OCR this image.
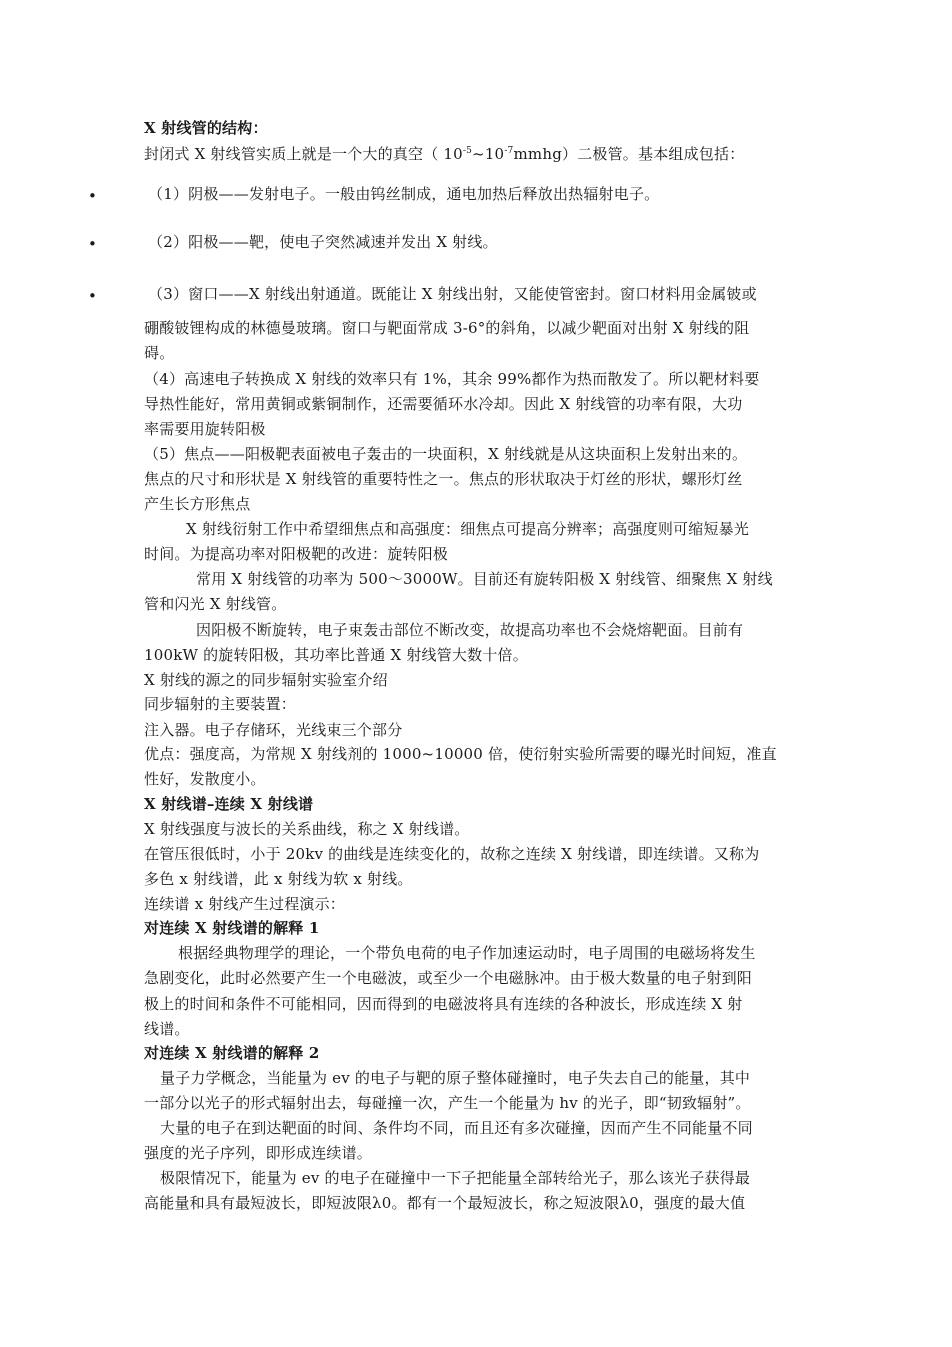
X 射线管的结构：
封闭式 X 射线管实质上就是一个大的真空（ $10^{-5}\sim 10^{-7}mmhg$）二极管。基本组成包括：
•	（1）阴极——发射电子。一般由钨丝制成，通电加热后释放出热辐射电子。
•	（2）阳极——靶，使电子突然减速并发出 X 射线。
•	（3）窗口——X 射线出射通道。既能让 X 射线出射，又能使管密封。窗口材料用金属铍或
硼酸铍锂构成的林德曼玻璃。窗口与靶面常成 3-6°的斜角，以减少靶面对出射 X 射线的阻
碍。
（4）高速电子转换成 X 射线的效率只有 1%，其余 99%都作为热而散发了。所以靶材料要
导热性能好，常用黄铜或紫铜制作，还需要循环水冷却。因此 X 射线管的功率有限，大功
率需要用旋转阳极
（5）焦点——阳极靶表面被电子轰击的一块面积，X 射线就是从这块面积上发射出来的。
焦点的尺寸和形状是 X 射线管的重要特性之一。焦点的形状取决于灯丝的形状，螺形灯丝
产生长方形焦点
X 射线衍射工作中希望细焦点和高强度：细焦点可提高分辨率；高强度则可缩短暴光
时间。为提高功率对阳极靶的改进：旋转阳极
常用 X 射线管的功率为 500～3000W。目前还有旋转阳极 X 射线管、细聚焦 X 射线
管和闪光 X 射线管。
因阳极不断旋转，电子束轰击部位不断改变，故提高功率也不会烧熔靶面。目前有
100kW 的旋转阳极，其功率比普通 X 射线管大数十倍。
X 射线的源之的同步辐射实验室介绍
同步辐射的主要装置：
注入器。电子存储环，光线束三个部分
优点：强度高，为常规 X 射线剂的 1000~10000 倍，使衍射实验所需要的曝光时间短，准直
性好，发散度小。
X 射线谱–连续 X 射线谱
X 射线强度与波长的关系曲线，称之 X 射线谱。
在管压很低时，小于 20kv 的曲线是连续变化的，故称之连续 X 射线谱，即连续谱。又称为
多色 x 射线谱，此 x 射线为软 x 射线。
连续谱 x 射线产生过程演示：
对连续 X 射线谱的解释 1
根据经典物理学的理论，一个带负电荷的电子作加速运动时，电子周围的电磁场将发生
急剧变化，此时必然要产生一个电磁波，或至少一个电磁脉冲。由于极大数量的电子射到阳
极上的时间和条件不可能相同，因而得到的电磁波将具有连续的各种波长，形成连续 X 射
线谱。
对连续 X 射线谱的解释 2
量子力学概念，当能量为 ev 的电子与靶的原子整体碰撞时，电子失去自己的能量，其中
一部分以光子的形式辐射出去，每碰撞一次，产生一个能量为 hv 的光子，即“韧致辐射”。
大量的电子在到达靶面的时间、条件均不同，而且还有多次碰撞，因而产生不同能量不同
强度的光子序列，即形成连续谱。
极限情况下，能量为 ev 的电子在碰撞中一下子把能量全部转给光子，那么该光子获得最
高能量和具有最短波长，即短波限λ0。都有一个最短波长，称之短波限λ0，强度的最大值
